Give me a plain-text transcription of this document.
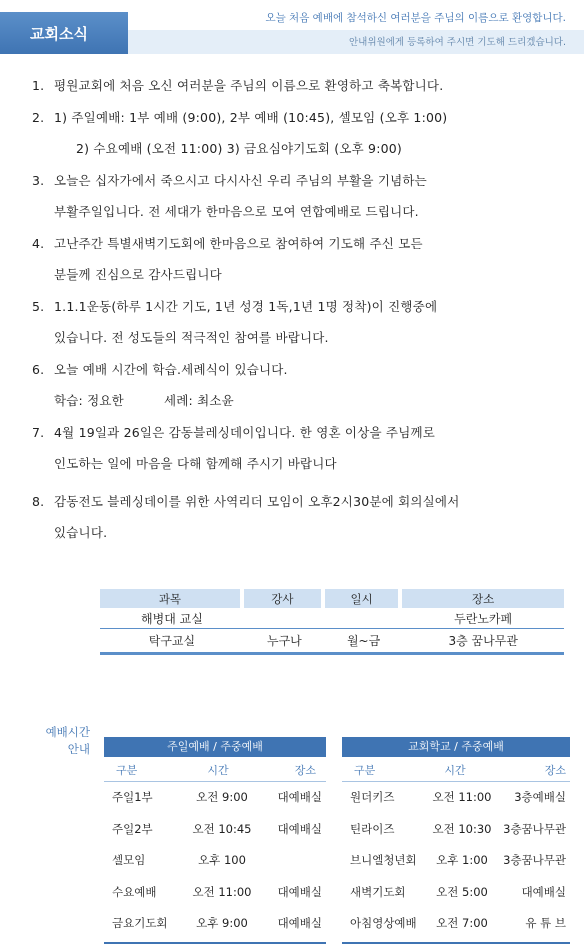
교회소식
오늘 처음 예배에 참석하신 여러분을 주님의 이름으로 환영합니다.
안내위원에게 등록하여 주시면 기도해 드리겠습니다.
1. 평원교회에 처음 오신 여러분을 주님의 이름으로 환영하고 축복합니다.
2. 1) 주일예배: 1부 예배 (9:00), 2부 예배 (10:45), 셀모임 (오후 1:00)
2) 수요예배 (오전 11:00) 3) 금요심야기도회 (오후 9:00)
3. 오늘은 십자가에서 죽으시고 다시사신 우리 주님의 부활을 기념하는
부활주일입니다. 전 세대가 한마음으로 모여 연합예배로 드립니다.
4. 고난주간 특별새벽기도회에 한마음으로 참여하여 기도해 주신 모든
분들께 진심으로 감사드립니다
5. 1.1.1운동(하루 1시간 기도, 1년 성경 1독,1년 1명 정착)이 진행중에
있습니다. 전 성도들의 적극적인 참여를 바랍니다.
6. 오늘 예배 시간에 학습.세례식이 있습니다.
학습: 정요한	세례: 최소윤
7. 4월 19일과 26일은 감동블레싱데이입니다. 한 영혼 이상을 주님께로
인도하는 일에 마음을 다해 함께해 주시기 바랍니다
8. 감동전도 블레싱데이를 위한 사역리더 모임이 오후2시30분에 회의실에서
있습니다.
과목	강사	일시	장소
해병대 교실			두란노카페
탁구교실	누구나	월~금	3층 꿈나무관
예배시간
안내	주일예배 / 주중예배
구분	시간	장소
주일1부	오전 9:00	대예배실
주일2부	오전 10:45	대예배실
셀모임	오후 100
수요예배	오전 11:00	대예배실
금요기도회	오후 9:00	대예배실
교회학교 / 주중예배
구분	시간	장소
원더키즈	오전 11:00	3층예배실
틴라이즈	오전 10:30	3층꿈나무관
브니엘청년회	오후 1:00	3층꿈나무관
새벽기도회	오전 5:00	대예배실
아침영상예배	오전 7:00	유 튜 브
